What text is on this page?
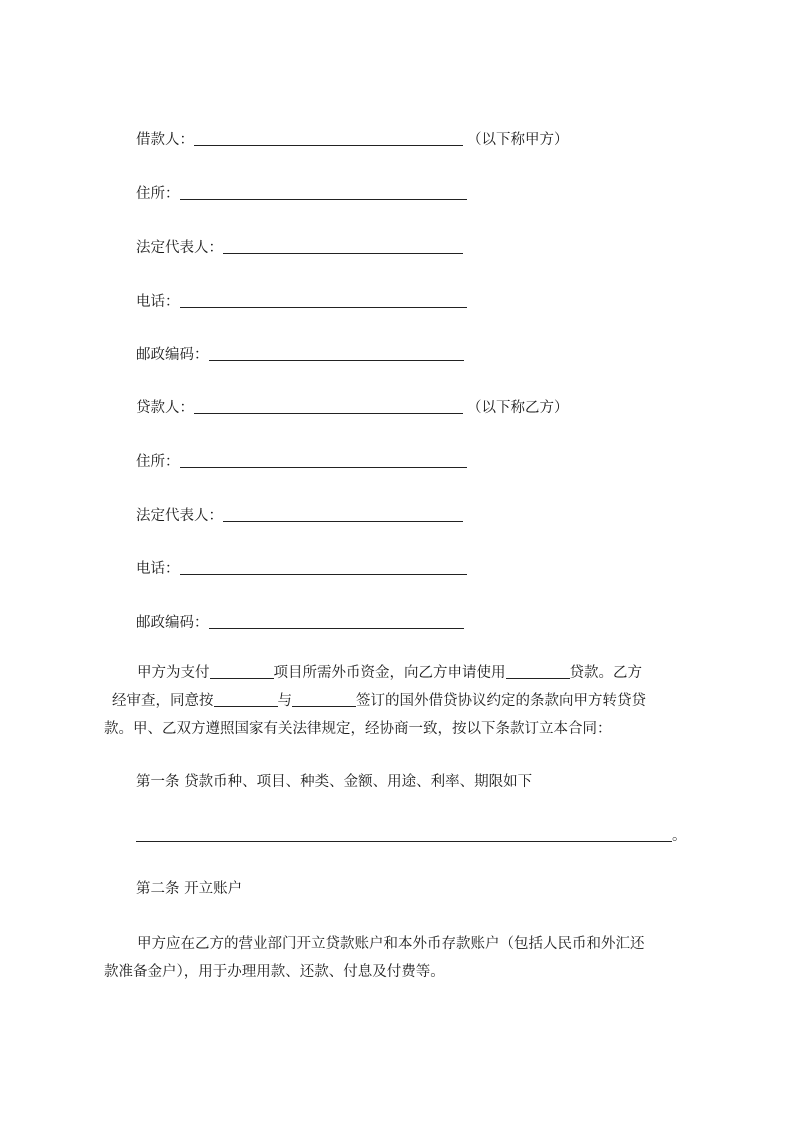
借款人：	（以下称甲方）
住所：
法定代表人：
电话：
邮政编码：
贷款人：	（以下称乙方）
住所：
法定代表人：
电话：
邮政编码：
甲方为支付	项目所需外币资金，向乙方申请使用	贷款。乙方
经审查，同意按	与	签订的国外借贷协议约定的条款向甲方转贷贷
款。甲、乙双方遵照国家有关法律规定，经协商一致，按以下条款订立本合同：
第一条 贷款币种、项目、种类、金额、用途、利率、期限如下
。
第二条 开立账户
甲方应在乙方的营业部门开立贷款账户和本外币存款账户（包括人民币和外汇还
款准备金户），用于办理用款、还款、付息及付费等。
